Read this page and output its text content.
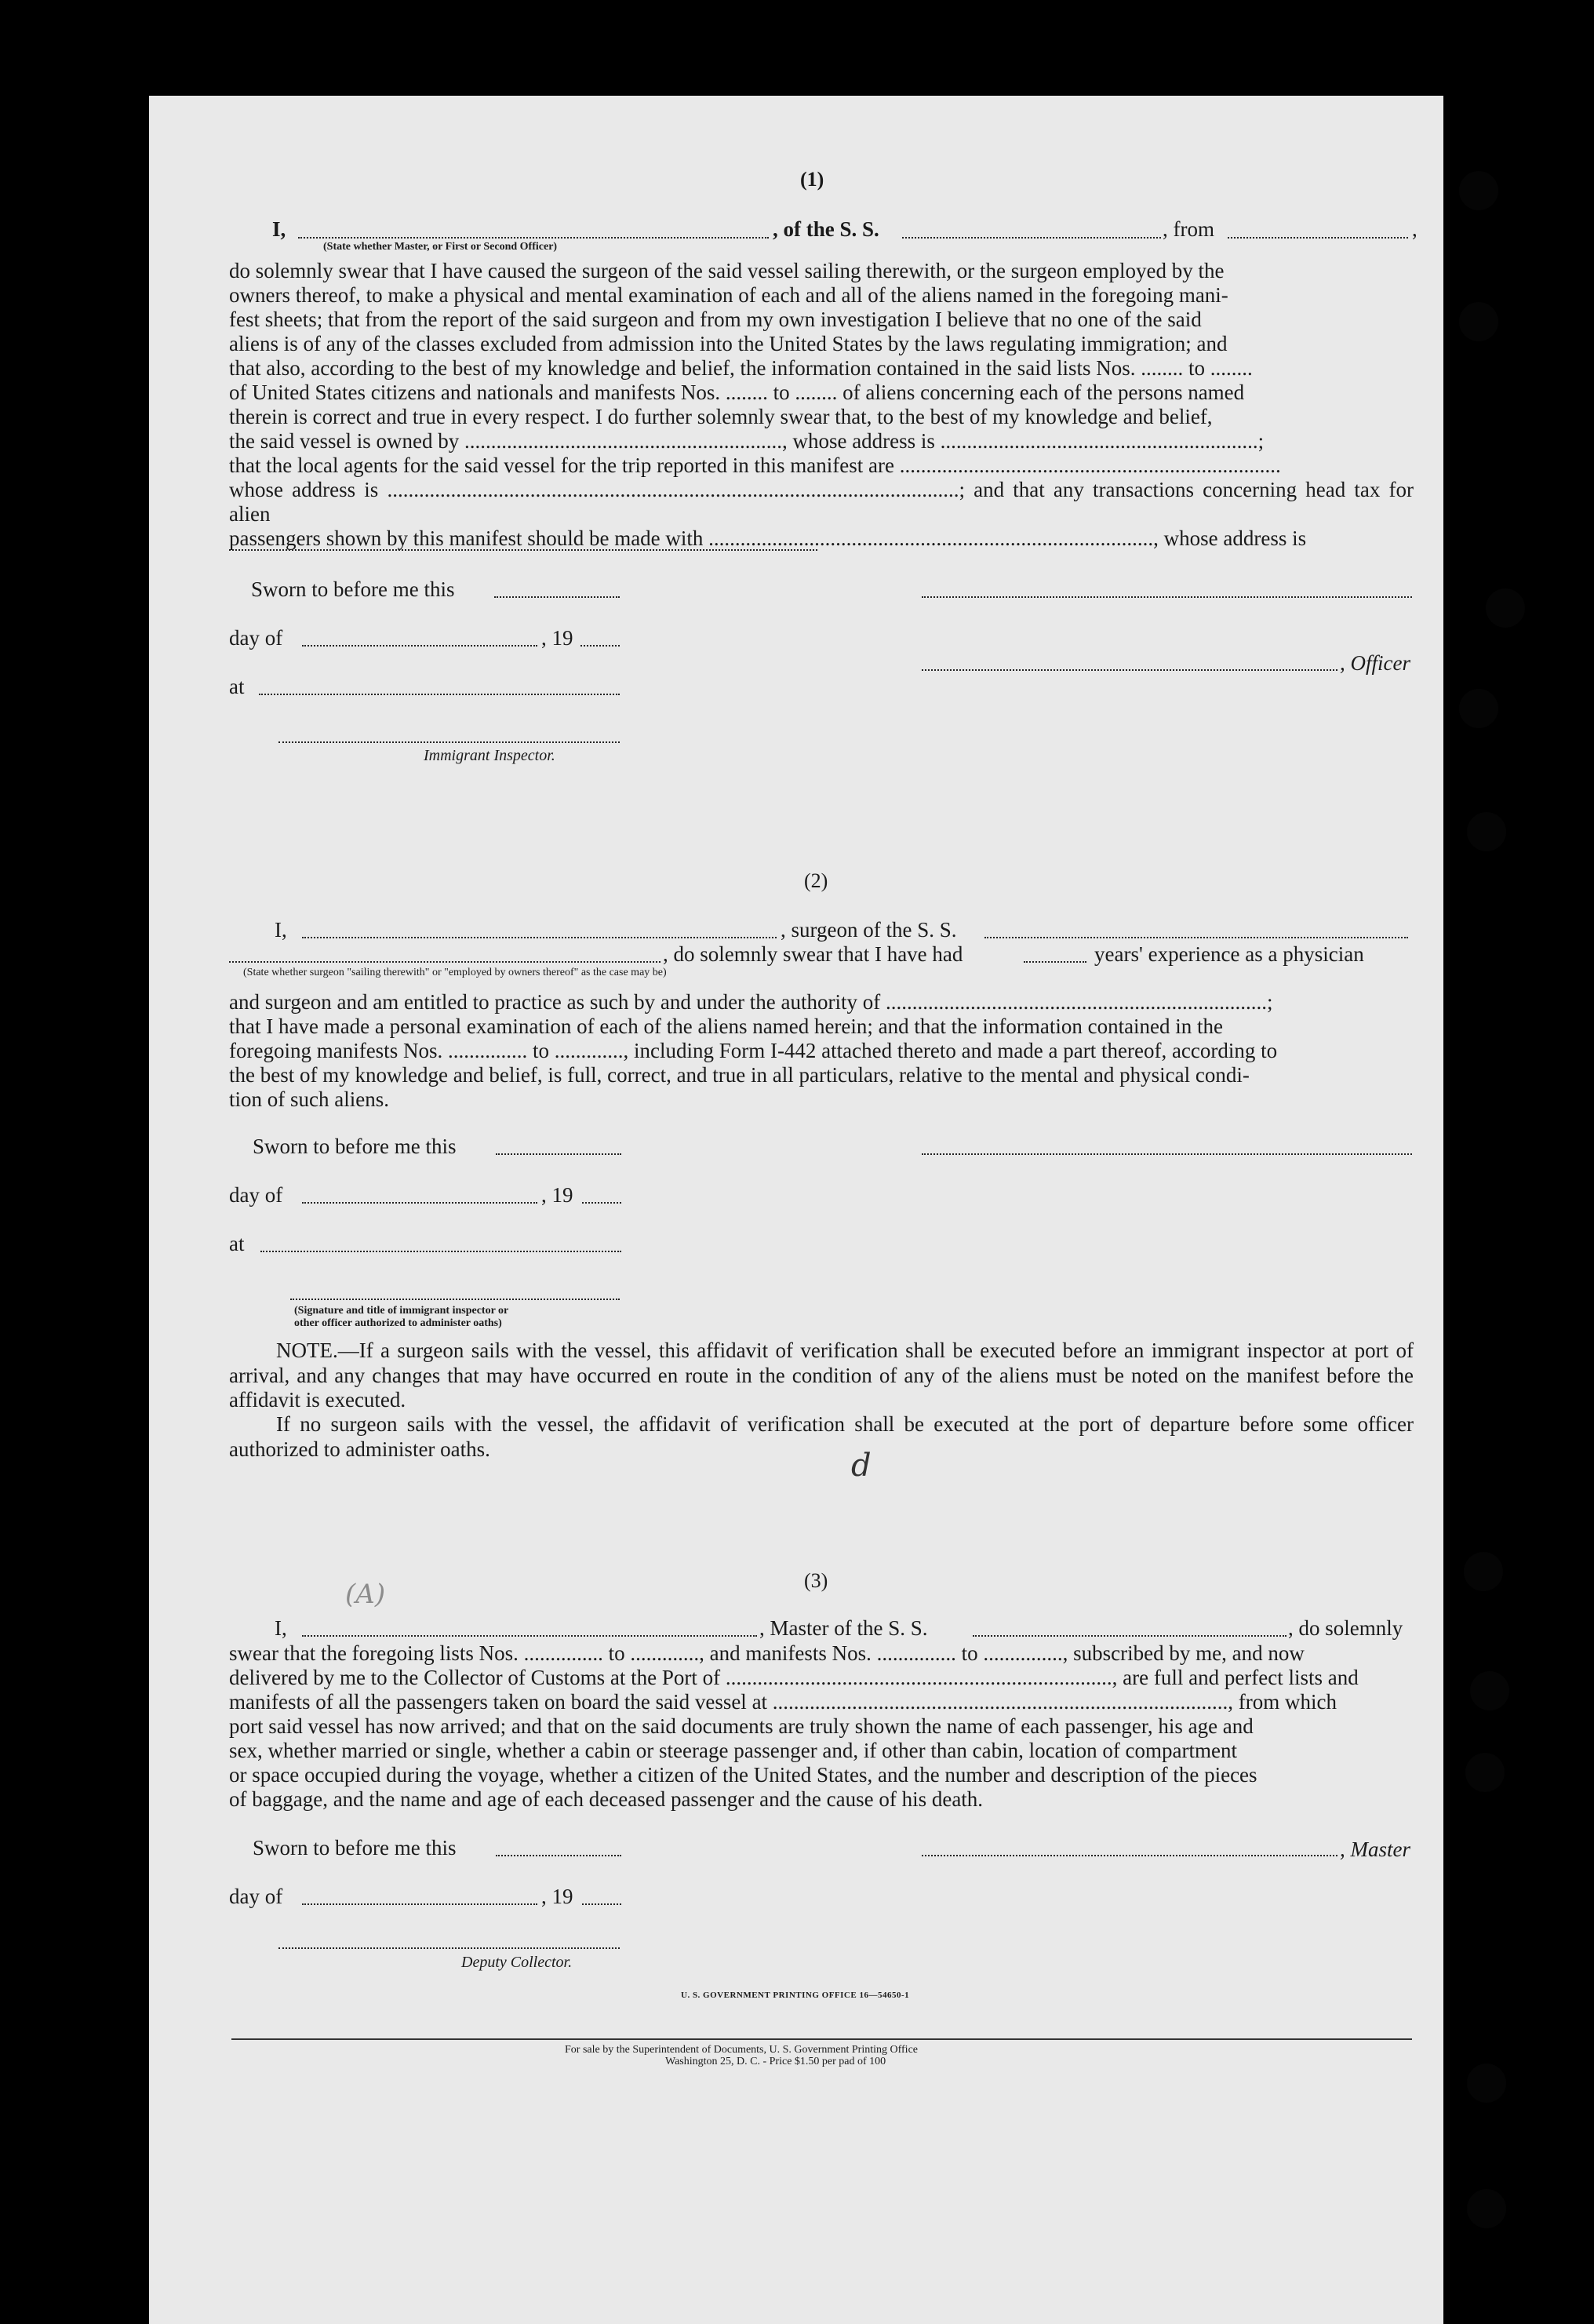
(1)
I,	, of the S. S.	, from	,
(State whether Master, or First or Second Officer)
do solemnly swear that I have caused the surgeon of the said vessel sailing therewith, or the surgeon employed by the
owners thereof, to make a physical and mental examination of each and all of the aliens named in the foregoing mani-
fest sheets; that from the report of the said surgeon and from my own investigation I believe that no one of the said
aliens is of any of the classes excluded from admission into the United States by the laws regulating immigration; and
that also, according to the best of my knowledge and belief, the information contained in the said lists Nos. ........ to ........
of United States citizens and nationals and manifests Nos. ........ to ........ of aliens concerning each of the persons named
therein is correct and true in every respect. I do further solemnly swear that, to the best of my knowledge and belief,
the said vessel is owned by ............................................................, whose address is ............................................................;
that the local agents for the said vessel for the trip reported in this manifest are ........................................................................
whose address is ............................................................................................................; and that any transactions concerning head tax for alien
passengers shown by this manifest should be made with ...................................................................................., whose address is
Sworn to before me this
day of	, 19
, Officer
at
Immigrant Inspector.
(2)
I,	, surgeon of the S. S.
, do solemnly swear that I have had	years' experience as a physician
(State whether surgeon "sailing therewith" or "employed by owners thereof" as the case may be)
and surgeon and am entitled to practice as such by and under the authority of ........................................................................;
that I have made a personal examination of each of the aliens named herein; and that the information contained in the
foregoing manifests Nos. ............... to ............., including Form I-442 attached thereto and made a part thereof, according to
the best of my knowledge and belief, is full, correct, and true in all particulars, relative to the mental and physical condi-
tion of such aliens.
Sworn to before me this
day of	, 19
at
(Signature and title of immigrant inspector or
other officer authorized to administer oaths)
NOTE.—If a surgeon sails with the vessel, this affidavit of verification shall be executed before an immigrant inspector at port of arrival, and any changes that may have occurred en route in the condition of any of the aliens must be noted on the manifest before the affidavit is executed.
If no surgeon sails with the vessel, the affidavit of verification shall be executed at the port of departure before some officer authorized to administer oaths.
(3)
I,	, Master of the S. S.	, do solemnly
swear that the foregoing lists Nos. ............... to ............., and manifests Nos. ............... to ..............., subscribed by me, and now
delivered by me to the Collector of Customs at the Port of ........................................................................., are full and perfect lists and
manifests of all the passengers taken on board the said vessel at ......................................................................................, from which
port said vessel has now arrived; and that on the said documents are truly shown the name of each passenger, his age and
sex, whether married or single, whether a cabin or steerage passenger and, if other than cabin, location of compartment
or space occupied during the voyage, whether a citizen of the United States, and the number and description of the pieces
of baggage, and the name and age of each deceased passenger and the cause of his death.
Sworn to before me this	, Master
day of	, 19
Deputy Collector.
U. S. GOVERNMENT PRINTING OFFICE 16—54650-1
For sale by the Superintendent of Documents, U. S. Government Printing Office
Washington 25, D. C. - Price $1.50 per pad of 100
(A)
d
